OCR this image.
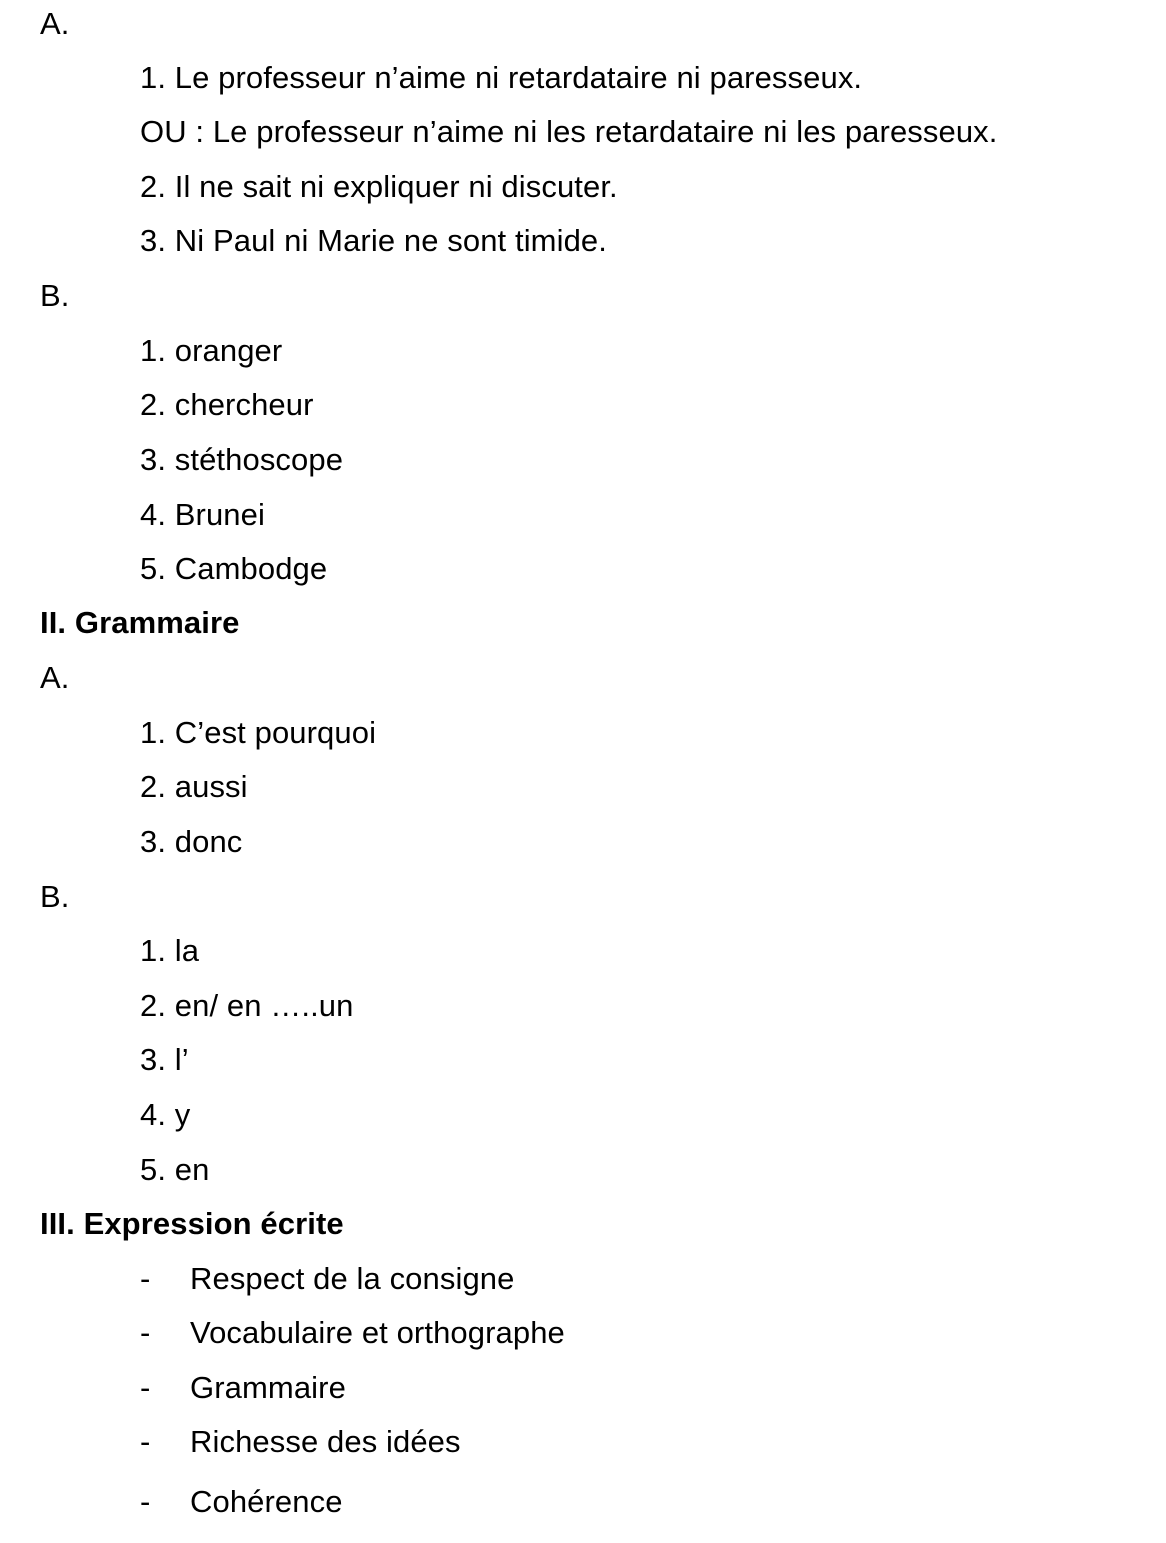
A.
1. Le professeur n’aime ni retardataire ni paresseux.
OU : Le professeur n’aime ni les retardataire ni les paresseux.
2. Il ne sait ni expliquer ni discuter.
3. Ni Paul ni Marie ne sont timide.
B.
1. oranger
2. chercheur
3. stéthoscope
4. Brunei
5. Cambodge
II. Grammaire
A.
1. C’est pourquoi
2. aussi
3. donc
B.
1. la
2. en/ en …..un
3. l’
4. y
5. en
III. Expression écrite
- Respect de la consigne
- Vocabulaire et orthographe
- Grammaire
- Richesse des idées
- Cohérence
